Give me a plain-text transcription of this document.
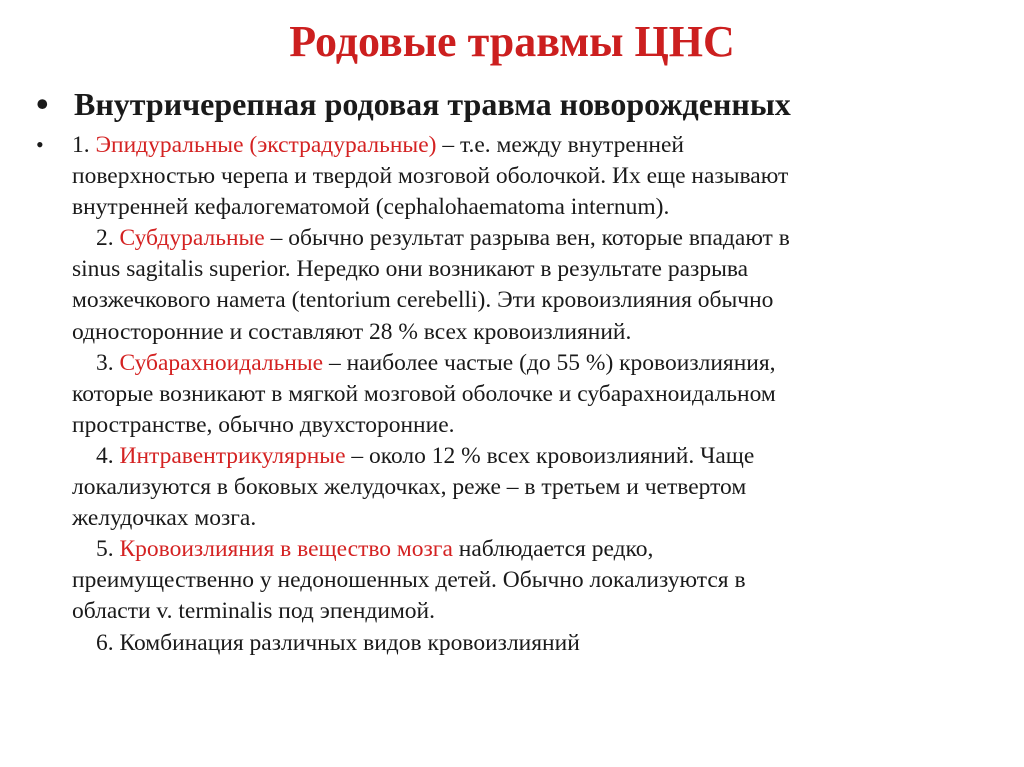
Родовые травмы ЦНС
• Внутричерепная родовая травма новорожденных
•	1. Эпидуральные (экстрадуральные) – т.е. между внутренней
поверхностью черепа и твердой мозговой оболочкой. Их еще называют
внутренней кефалогематомой (cephalohaematoma internum).
2. Субдуральные – обычно результат разрыва вен, которые впадают в
sinus sagitalis superior. Нередко они возникают в результате разрыва
мозжечкового намета (tentorium cerebelli). Эти кровоизлияния обычно
односторонние и составляют 28 % всех кровоизлияний.
3. Субарахноидальные – наиболее частые (до 55 %) кровоизлияния,
которые возникают в мягкой мозговой оболочке и субарахноидальном
пространстве, обычно двухсторонние.
4. Интравентрикулярные – около 12 % всех кровоизлияний. Чаще
локализуются в боковых желудочках, реже – в третьем и четвертом
желудочках мозга.
5. Кровоизлияния в вещество мозга наблюдается редко,
преимущественно у недоношенных детей. Обычно локализуются в
области v. terminalis под эпендимой.
6. Комбинация различных видов кровоизлияний
